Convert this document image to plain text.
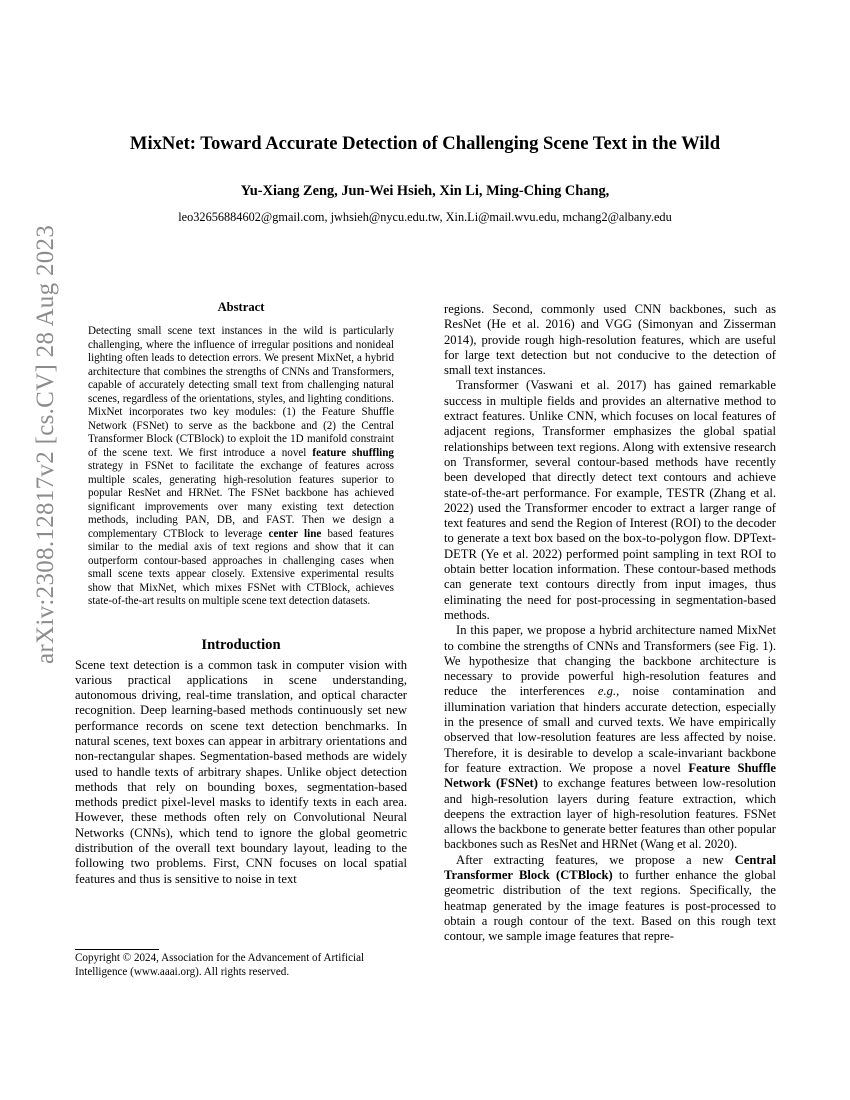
arXiv:2308.12817v2 [cs.CV] 28 Aug 2023
MixNet: Toward Accurate Detection of Challenging Scene Text in the Wild
Yu-Xiang Zeng, Jun-Wei Hsieh, Xin Li, Ming-Ching Chang,
leo32656884602@gmail.com, jwhsieh@nycu.edu.tw, Xin.Li@mail.wvu.edu, mchang2@albany.edu
Abstract
Detecting small scene text instances in the wild is particularly challenging, where the influence of irregular positions and nonideal lighting often leads to detection errors. We present MixNet, a hybrid architecture that combines the strengths of CNNs and Transformers, capable of accurately detecting small text from challenging natural scenes, regardless of the orientations, styles, and lighting conditions. MixNet incorporates two key modules: (1) the Feature Shuffle Network (FSNet) to serve as the backbone and (2) the Central Transformer Block (CTBlock) to exploit the 1D manifold constraint of the scene text. We first introduce a novel feature shuffling strategy in FSNet to facilitate the exchange of features across multiple scales, generating high-resolution features superior to popular ResNet and HRNet. The FSNet backbone has achieved significant improvements over many existing text detection methods, including PAN, DB, and FAST. Then we design a complementary CTBlock to leverage center line based features similar to the medial axis of text regions and show that it can outperform contour-based approaches in challenging cases when small scene texts appear closely. Extensive experimental results show that MixNet, which mixes FSNet with CTBlock, achieves state-of-the-art results on multiple scene text detection datasets.
Introduction

Scene text detection is a common task in computer vision with various practical applications in scene understanding, autonomous driving, real-time translation, and optical character recognition. Deep learning-based methods continuously set new performance records on scene text detection benchmarks. In natural scenes, text boxes can appear in arbitrary orientations and non-rectangular shapes. Segmentation-based methods are widely used to handle texts of arbitrary shapes. Unlike object detection methods that rely on bounding boxes, segmentation-based methods predict pixel-level masks to identify texts in each area. However, these methods often rely on Convolutional Neural Networks (CNNs), which tend to ignore the global geometric distribution of the overall text boundary layout, leading to the following two problems. First, CNN focuses on local spatial features and thus is sensitive to noise in text

Copyright © 2024, Association for the Advancement of Artificial Intelligence (www.aaai.org). All rights reserved.

regions. Second, commonly used CNN backbones, such as ResNet (He et al. 2016) and VGG (Simonyan and Zisserman 2014), provide rough high-resolution features, which are useful for large text detection but not conducive to the detection of small text instances.

Transformer (Vaswani et al. 2017) has gained remarkable success in multiple fields and provides an alternative method to extract features. Unlike CNN, which focuses on local features of adjacent regions, Transformer emphasizes the global spatial relationships between text regions. Along with extensive research on Transformer, several contour-based methods have recently been developed that directly detect text contours and achieve state-of-the-art performance. For example, TESTR (Zhang et al. 2022) used the Transformer encoder to extract a larger range of text features and send the Region of Interest (ROI) to the decoder to generate a text box based on the box-to-polygon flow. DPText-DETR (Ye et al. 2022) performed point sampling in text ROI to obtain better location information. These contour-based methods can generate text contours directly from input images, thus eliminating the need for post-processing in segmentation-based methods.

In this paper, we propose a hybrid architecture named MixNet to combine the strengths of CNNs and Transformers (see Fig. 1). We hypothesize that changing the backbone architecture is necessary to provide powerful high-resolution features and reduce the interferences e.g., noise contamination and illumination variation that hinders accurate detection, especially in the presence of small and curved texts. We have empirically observed that low-resolution features are less affected by noise. Therefore, it is desirable to develop a scale-invariant backbone for feature extraction. We propose a novel Feature Shuffle Network (FSNet) to exchange features between low-resolution and high-resolution layers during feature extraction, which deepens the extraction layer of high-resolution features. FSNet allows the backbone to generate better features than other popular backbones such as ResNet and HRNet (Wang et al. 2020).

After extracting features, we propose a new Central Transformer Block (CTBlock) to further enhance the global geometric distribution of the text regions. Specifically, the heatmap generated by the image features is post-processed to obtain a rough contour of the text. Based on this rough text contour, we sample image features that repre-
